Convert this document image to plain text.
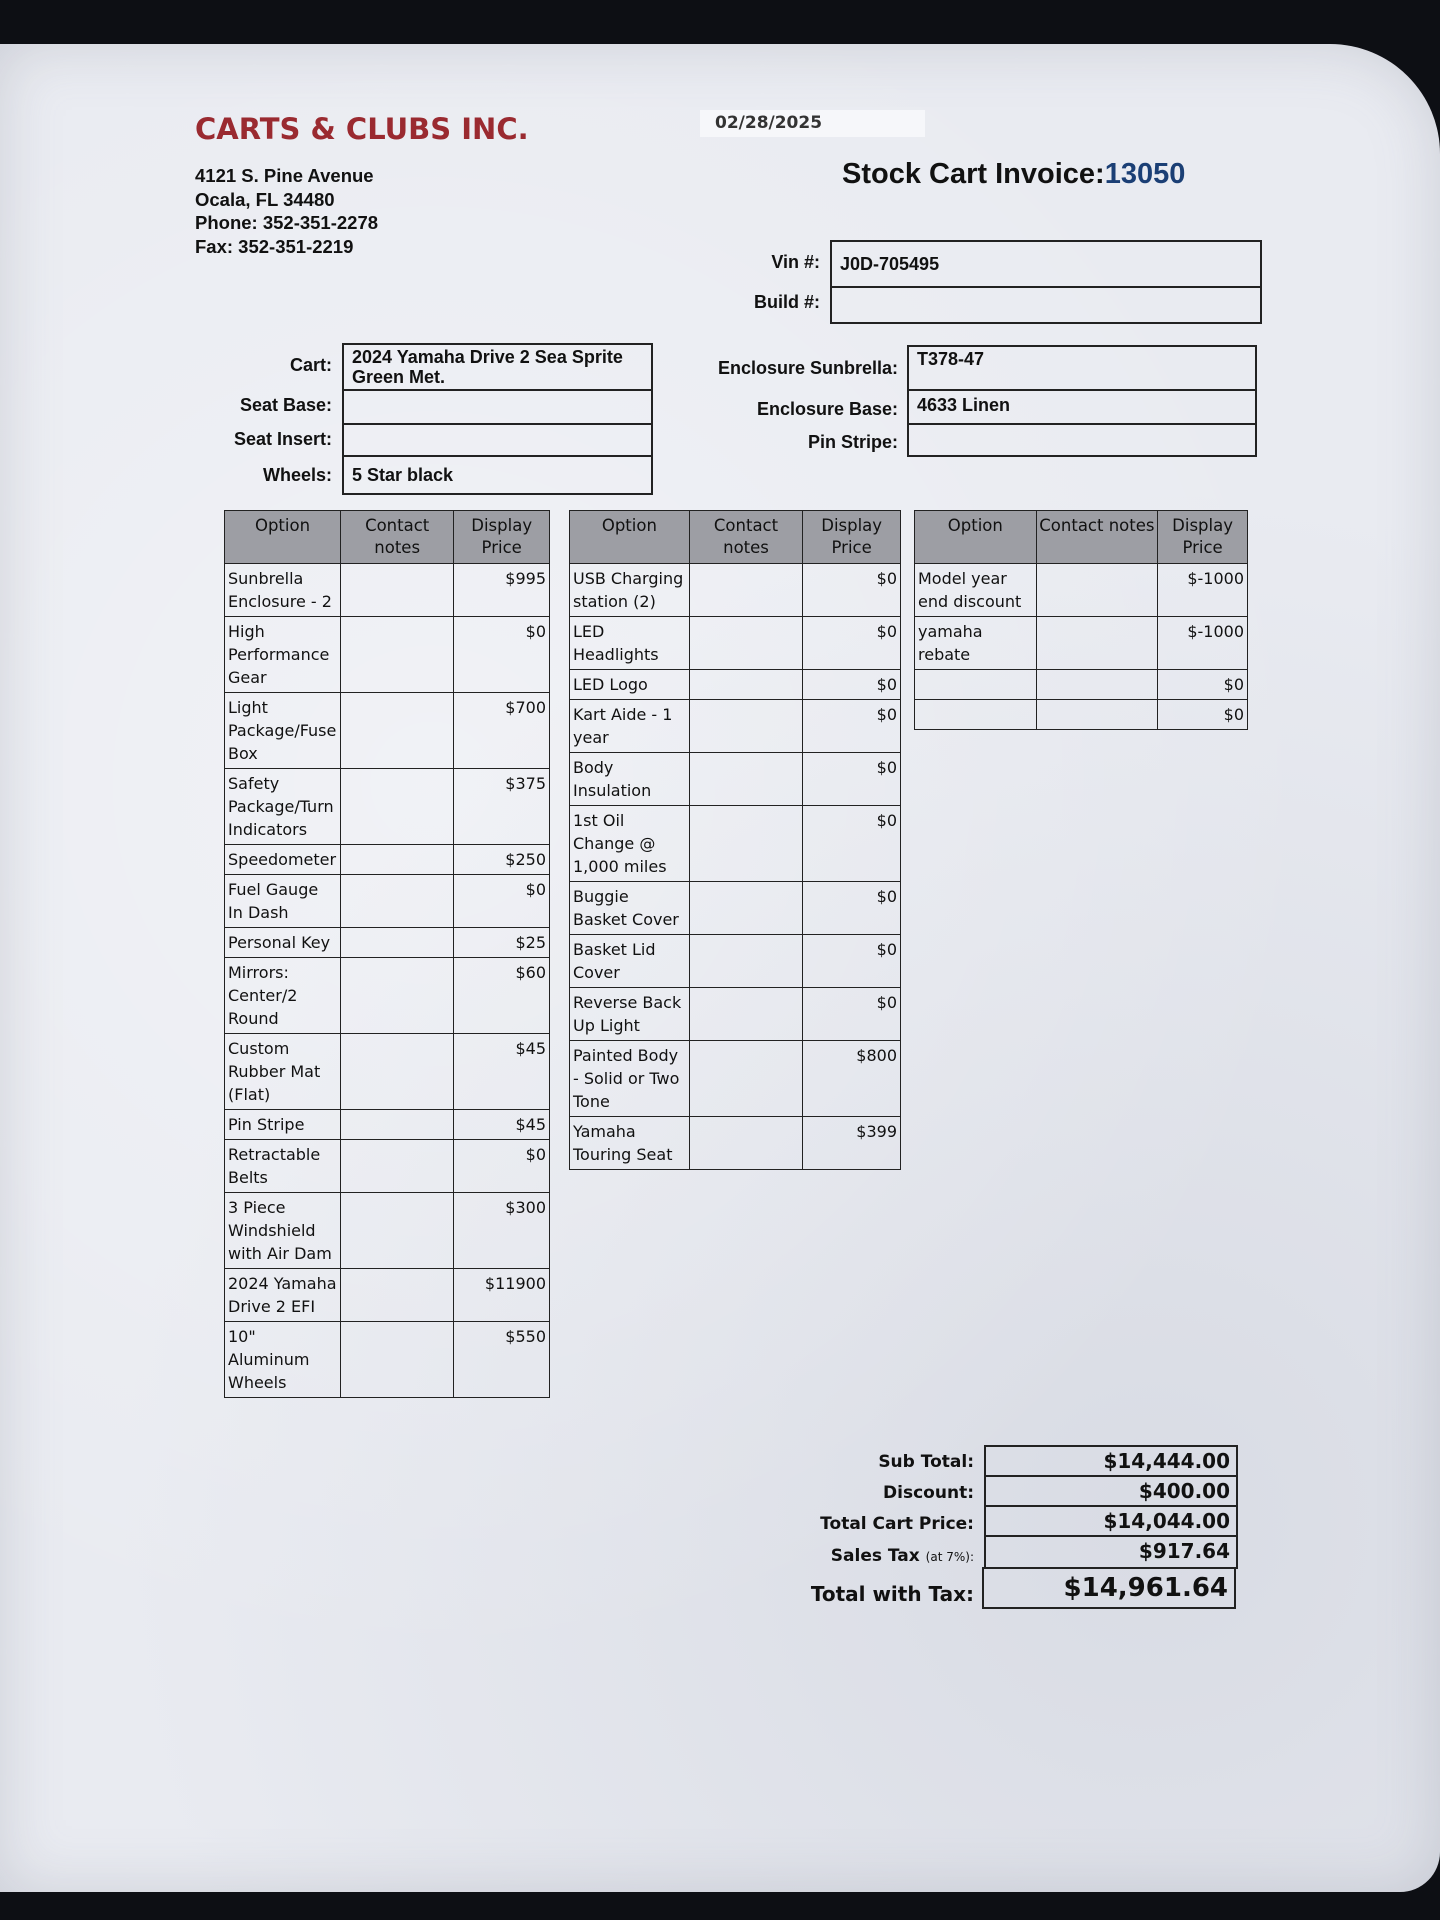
CARTS & CLUBS INC.
4121 S. Pine Avenue
Ocala, FL 34480
Phone: 352-351-2278
Fax: 352-351-2219
02/28/2025
Stock Cart Invoice:13050
Vin #:	J0D-705495
Build #:
Cart:	2024 Yamaha Drive 2 Sea Sprite Green Met.
Seat Base:
Seat Insert:
Wheels:	5 Star black
Enclosure Sunbrella:	T378-47
Enclosure Base:	4633 Linen
Pin Stripe:
Option	Contact notes	Display Price
Sunbrella Enclosure - 2		$995
High Performance Gear		$0
Light Package/Fuse Box		$700
Safety Package/Turn Indicators		$375
Speedometer		$250
Fuel Gauge In Dash		$0
Personal Key		$25
Mirrors: Center/2 Round		$60
Custom Rubber Mat (Flat)		$45
Pin Stripe		$45
Retractable Belts		$0
3 Piece Windshield with Air Dam		$300
2024 Yamaha Drive 2 EFI		$11900
10" Aluminum Wheels		$550
Option	Contact notes	Display Price
USB Charging station (2)		$0
LED Headlights		$0
LED Logo		$0
Kart Aide - 1 year		$0
Body Insulation		$0
1st Oil Change @ 1,000 miles		$0
Buggie Basket Cover		$0
Basket Lid Cover		$0
Reverse Back Up Light		$0
Painted Body - Solid or Two Tone		$800
Yamaha Touring Seat		$399
Option	Contact notes	Display Price
Model year end discount		$-1000
yamaha rebate		$-1000
		$0
		$0
Sub Total:	$14,444.00
Discount:	$400.00
Total Cart Price:	$14,044.00
Sales Tax (at 7%):	$917.64
Total with Tax:	$14,961.64
